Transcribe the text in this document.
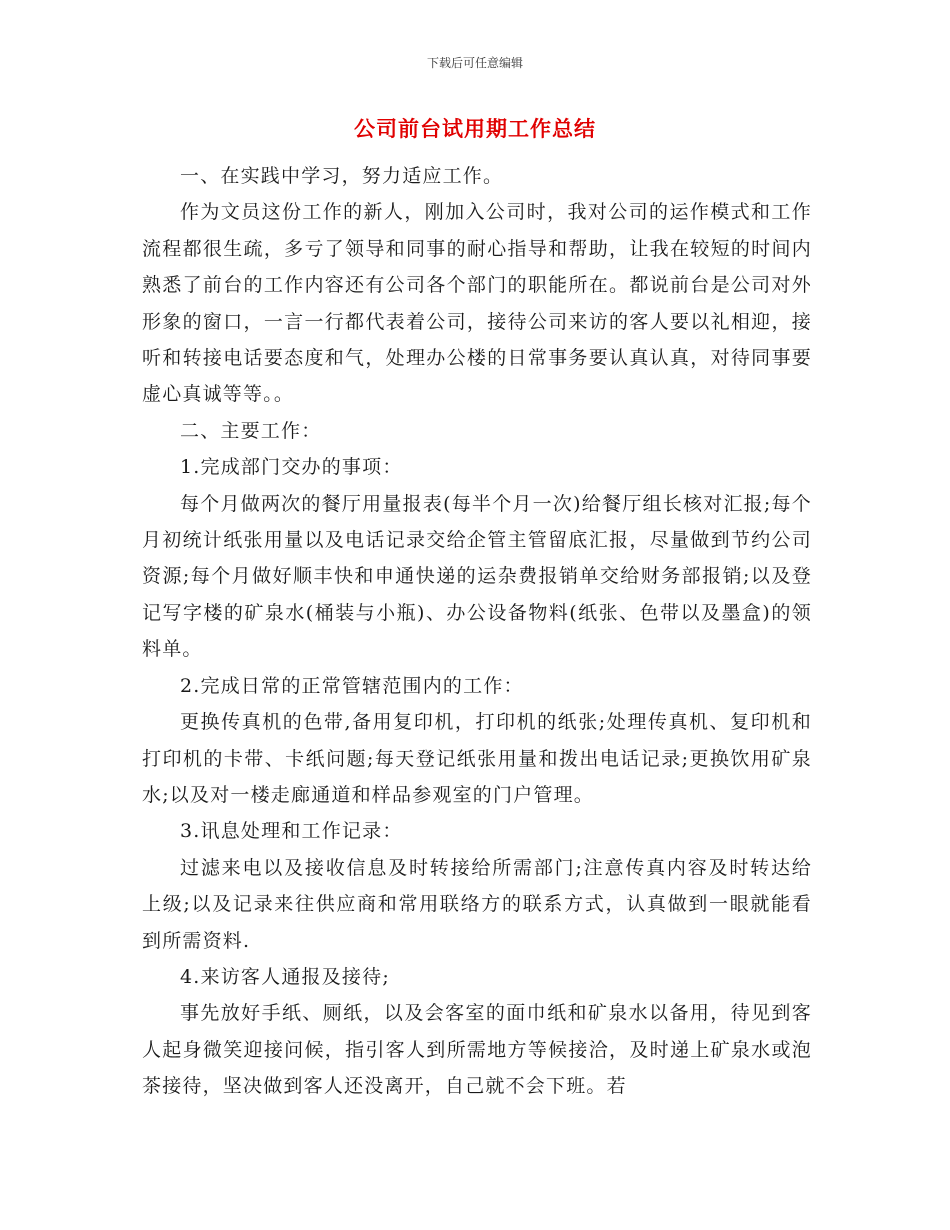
下载后可任意编辑
公司前台试用期工作总结

一、在实践中学习，努力适应工作。

作为文员这份工作的新人，刚加入公司时，我对公司的运作模式和工作流程都很生疏，多亏了领导和同事的耐心指导和帮助，让我在较短的时间内熟悉了前台的工作内容还有公司各个部门的职能所在。都说前台是公司对外形象的窗口，一言一行都代表着公司，接待公司来访的客人要以礼相迎，接听和转接电话要态度和气，处理办公楼的日常事务要认真认真，对待同事要虚心真诚等等。。

二、主要工作：

1.完成部门交办的事项：

每个月做两次的餐厅用量报表(每半个月一次)给餐厅组长核对汇报;每个月初统计纸张用量以及电话记录交给企管主管留底汇报，尽量做到节约公司资源;每个月做好顺丰快和申通快递的运杂费报销单交给财务部报销;以及登记写字楼的矿泉水(桶装与小瓶)、办公设备物料(纸张、色带以及墨盒)的领料单。

2.完成日常的正常管辖范围内的工作：

更换传真机的色带,备用复印机，打印机的纸张;处理传真机、复印机和打印机的卡带、卡纸问题;每天登记纸张用量和拨出电话记录;更换饮用矿泉水;以及对一楼走廊通道和样品参观室的门户管理。

3.讯息处理和工作记录：

过滤来电以及接收信息及时转接给所需部门;注意传真内容及时转达给上级;以及记录来往供应商和常用联络方的联系方式，认真做到一眼就能看到所需资料.

4.来访客人通报及接待;

事先放好手纸、厕纸，以及会客室的面巾纸和矿泉水以备用，待见到客人起身微笑迎接问候，指引客人到所需地方等候接洽，及时递上矿泉水或泡茶接待，坚决做到客人还没离开，自己就不会下班。若
